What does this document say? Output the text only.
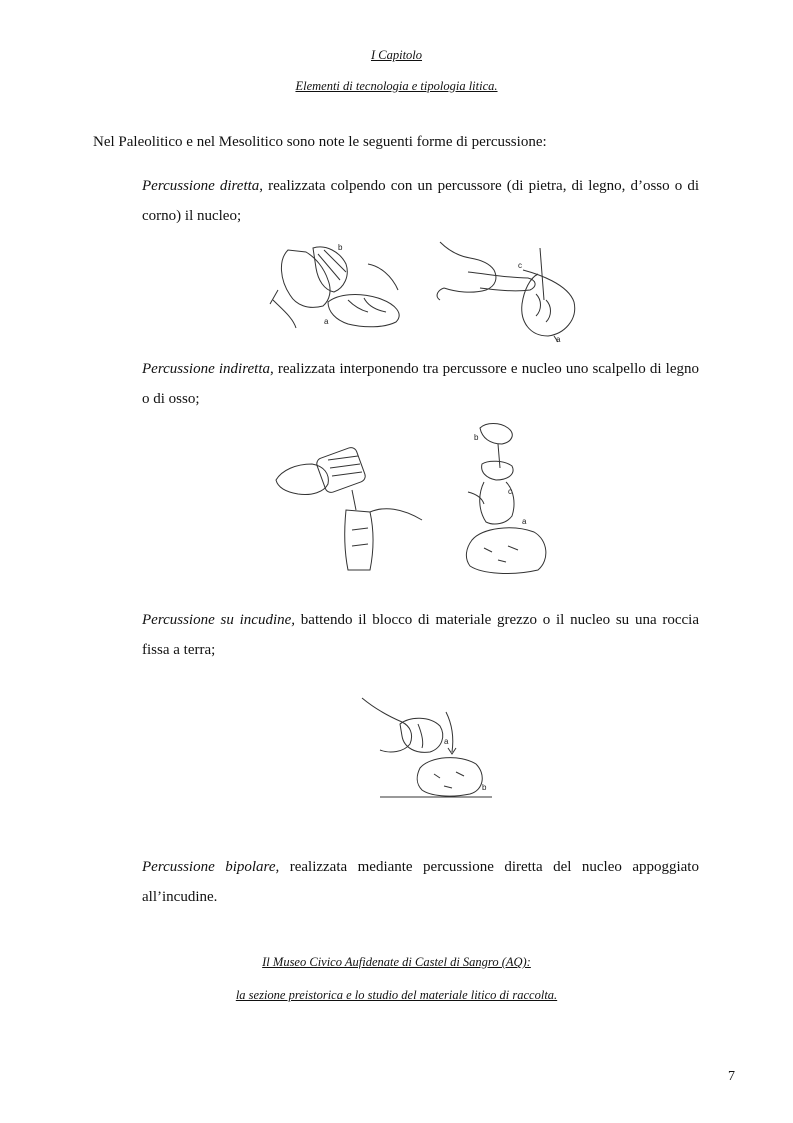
I Capitolo
Elementi di tecnologia e tipologia litica.
Nel Paleolitico e nel Mesolitico sono note le seguenti forme di percussione:
Percussione diretta, realizzata colpendo con un percussore (di pietra, di legno, d’osso o di corno) il nucleo;
b
a
c
a
Percussione indiretta, realizzata interponendo tra percussore e nucleo uno scalpello di legno o di osso;
b
c
a
Percussione su incudine, battendo il blocco di materiale grezzo o il nucleo su una roccia fissa a terra;
a
b
Percussione bipolare, realizzata mediante percussione diretta del nucleo appoggiato all’incudine.
Il Museo Civico Aufidenate di Castel di Sangro (AQ):
la sezione preistorica e lo studio del materiale litico di raccolta.
7
